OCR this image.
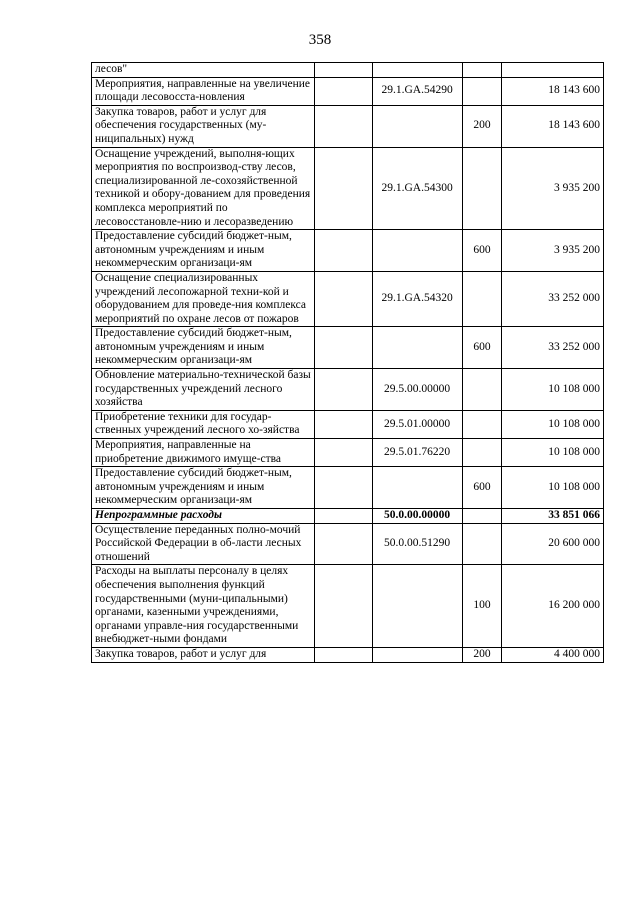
358
лесов"				
Мероприятия, направленные на увеличение площади лесовосста-новления		29.1.GA.54290		18 143 600
Закупка товаров, работ и услуг для обеспечения государственных (му-ниципальных) нужд			200	18 143 600
Оснащение учреждений, выполня-ющих мероприятия по воспроизвод-ству лесов, специализированной ле-сохозяйственной техникой и обору-дованием для проведения комплекса мероприятий по лесовосстановле-нию и лесоразведению		29.1.GA.54300		3 935 200
Предоставление субсидий бюджет-ным, автономным учреждениям и иным некоммерческим организаци-ям			600	3 935 200
Оснащение специализированных учреждений лесопожарной техни-кой и оборудованием для проведе-ния комплекса мероприятий по охране лесов от пожаров		29.1.GA.54320		33 252 000
Предоставление субсидий бюджет-ным, автономным учреждениям и иным некоммерческим организаци-ям			600	33 252 000
Обновление материально-технической базы государственных учреждений лесного хозяйства		29.5.00.00000		10 108 000
Приобретение техники для государ-ственных учреждений лесного хо-зяйства		29.5.01.00000		10 108 000
Мероприятия, направленные на приобретение движимого имуще-ства		29.5.01.76220		10 108 000
Предоставление субсидий бюджет-ным, автономным учреждениям и иным некоммерческим организаци-ям			600	10 108 000
Непрограммные расходы		50.0.00.00000		33 851 066
Осуществление переданных полно-мочий Российской Федерации в об-ласти лесных отношений		50.0.00.51290		20 600 000
Расходы на выплаты персоналу в целях обеспечения выполнения функций государственными (муни-ципальными) органами, казенными учреждениями, органами управле-ния государственными внебюджет-ными фондами			100	16 200 000
Закупка товаров, работ и услуг для			200	4 400 000
